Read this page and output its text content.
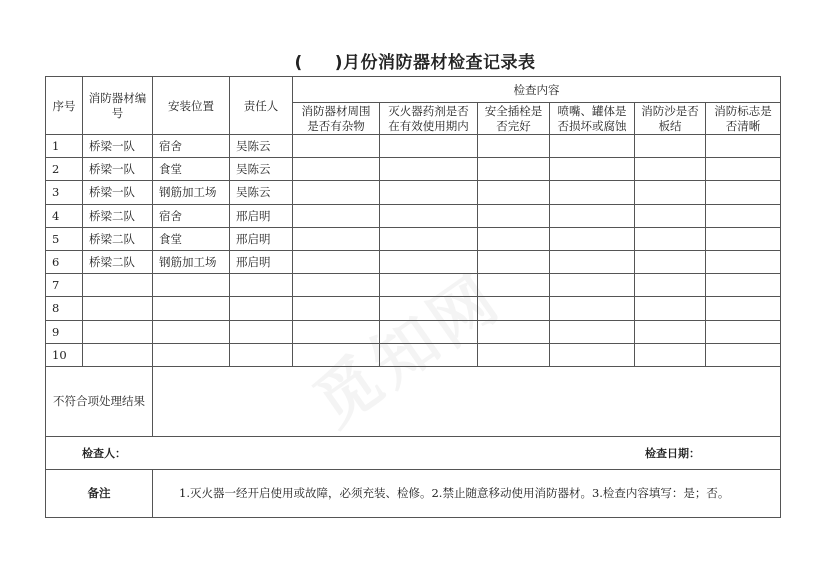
( )月份消防器材检查记录表
序号	消防器材编号	安装位置	责任人	检查内容					
				消防器材周围是否有杂物	灭火器药剂是否在有效使用期内	安全插栓是否完好	喷嘴、罐体是否损坏或腐蚀	消防沙是否板结	消防标志是否清晰
1	桥梁一队	宿舍	吴陈云						
2	桥梁一队	食堂	吴陈云						
3	桥梁一队	钢筋加工场	吴陈云						
4	桥梁二队	宿舍	邢启明						
5	桥梁二队	食堂	邢启明						
6	桥梁二队	钢筋加工场	邢启明						
7									
8									
9									
10									
不符合项处理结果									

检查人： 检查日期：									

备注		1.灭火器一经开启使用或故障，必须充装、检修。2.禁止随意移动使用消防器材。3.检查内容填写：是；否。							
